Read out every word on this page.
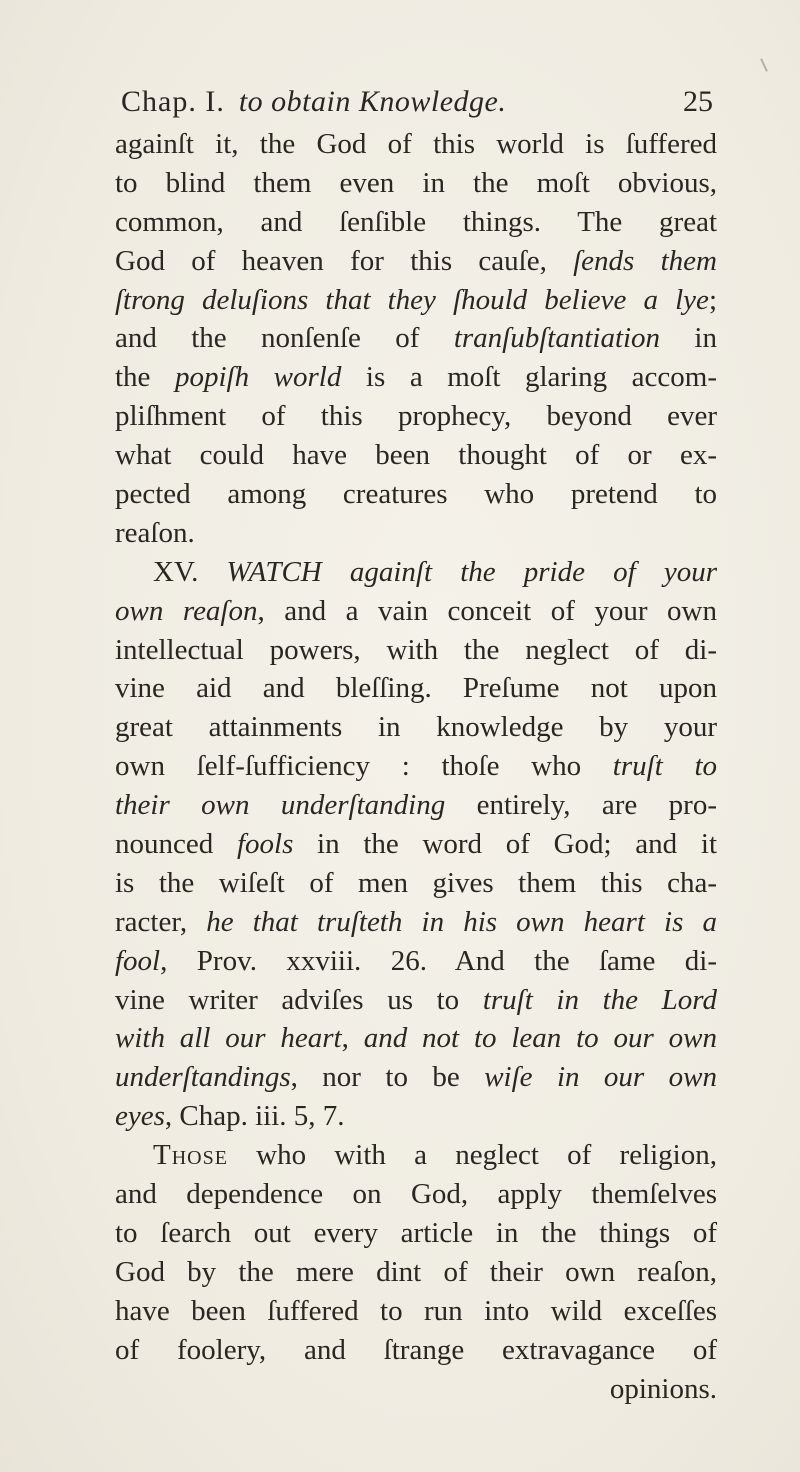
Chap. I. to obtain Knowledge.	25
againſt it, the God of this world is ſuffered
to blind them even in the moſt obvious,
common, and ſenſible things. The great
God of heaven for this cauſe, ſends them
ſtrong deluſions that they ſhould believe a lye;
and the nonſenſe of tranſubſtantiation in
the popiſh world is a moſt glaring accom-
pliſhment of this prophecy, beyond ever
what could have been thought of or ex-
pected among creatures who pretend to
reaſon.
XV. WATCH againſt the pride of your
own reaſon, and a vain conceit of your own
intellectual powers, with the neglect of di-
vine aid and bleſſing. Preſume not upon
great attainments in knowledge by your
own ſelf-ſufficiency : thoſe who truſt to
their own underſtanding entirely, are pro-
nounced fools in the word of God; and it
is the wiſeſt of men gives them this cha-
racter, he that truſteth in his own heart is a
fool, Prov. xxviii. 26. And the ſame di-
vine writer adviſes us to truſt in the Lord
with all our heart, and not to lean to our own
underſtandings, nor to be wiſe in our own
eyes, Chap. iii. 5, 7.
Those who with a neglect of religion,
and dependence on God, apply themſelves
to ſearch out every article in the things of
God by the mere dint of their own reaſon,
have been ſuffered to run into wild exceſſes
of foolery, and ſtrange extravagance of
opinions.
